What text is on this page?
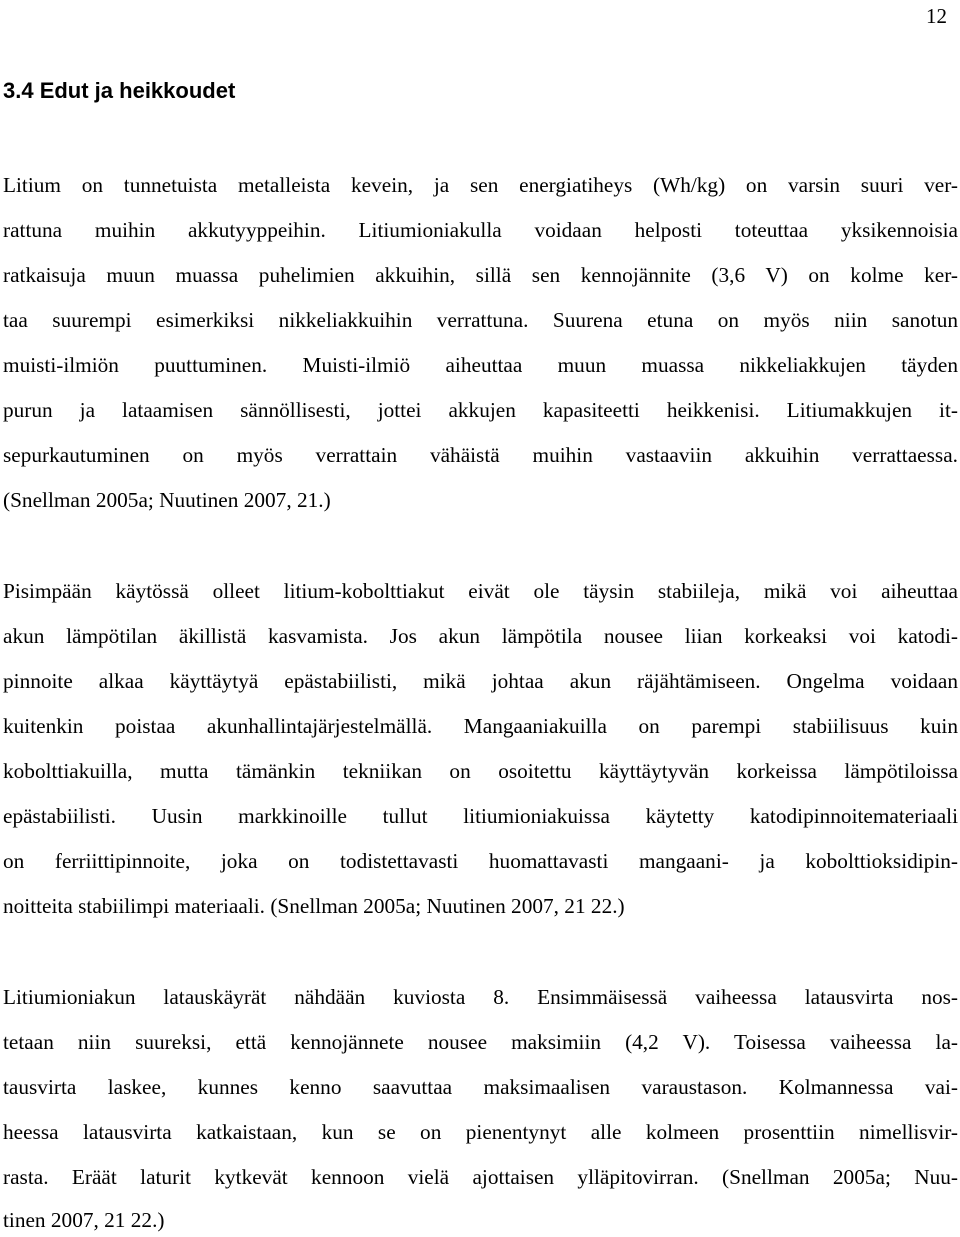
12
3.4 Edut ja heikkoudet

Litium on tunnetuista metalleista kevein, ja sen energiatiheys (Wh/kg) on varsin suuri ver-

rattuna muihin akkutyyppeihin. Litiumioniakulla voidaan helposti toteuttaa yksikennoisia

ratkaisuja muun muassa puhelimien akkuihin, sillä sen kennojännite (3,6 V) on kolme ker-

taa suurempi esimerkiksi nikkeliakkuihin verrattuna. Suurena etuna on myös niin sanotun

muisti-ilmiön puuttuminen. Muisti-ilmiö aiheuttaa muun muassa nikkeliakkujen täyden

purun ja lataamisen sännöllisesti, jottei akkujen kapasiteetti heikkenisi. Litiumakkujen it-

sepurkautuminen on myös verrattain vähäistä muihin vastaaviin akkuihin verrattaessa.

(Snellman 2005a; Nuutinen 2007, 21.)

Pisimpään käytössä olleet litium-kobolttiakut eivät ole täysin stabiileja, mikä voi aiheuttaa

akun lämpötilan äkillistä kasvamista. Jos akun lämpötila nousee liian korkeaksi voi katodi-

pinnoite alkaa käyttäytyä epästabiilisti, mikä johtaa akun räjähtämiseen. Ongelma voidaan

kuitenkin poistaa akunhallintajärjestelmällä. Mangaaniakuilla on parempi stabiilisuus kuin

kobolttiakuilla, mutta tämänkin tekniikan on osoitettu käyttäytyvän korkeissa lämpötiloissa

epästabiilisti. Uusin markkinoille tullut litiumioniakuissa käytetty katodipinnoitemateriaali

on ferriittipinnoite, joka on todistettavasti huomattavasti mangaani- ja kobolttioksidipin-

noitteita stabiilimpi materiaali. (Snellman 2005a; Nuutinen 2007, 21 22.)

Litiumioniakun latauskäyrät nähdään kuviosta 8. Ensimmäisessä vaiheessa latausvirta nos-

tetaan niin suureksi, että kennojännete nousee maksimiin (4,2 V). Toisessa vaiheessa la-

tausvirta laskee, kunnes kenno saavuttaa maksimaalisen varaustason. Kolmannessa vai-

heessa latausvirta katkaistaan, kun se on pienentynyt alle kolmeen prosenttiin nimellisvir-

rasta. Eräät laturit kytkevät kennoon vielä ajottaisen ylläpitovirran. (Snellman 2005a; Nuu-

tinen 2007, 21 22.)
